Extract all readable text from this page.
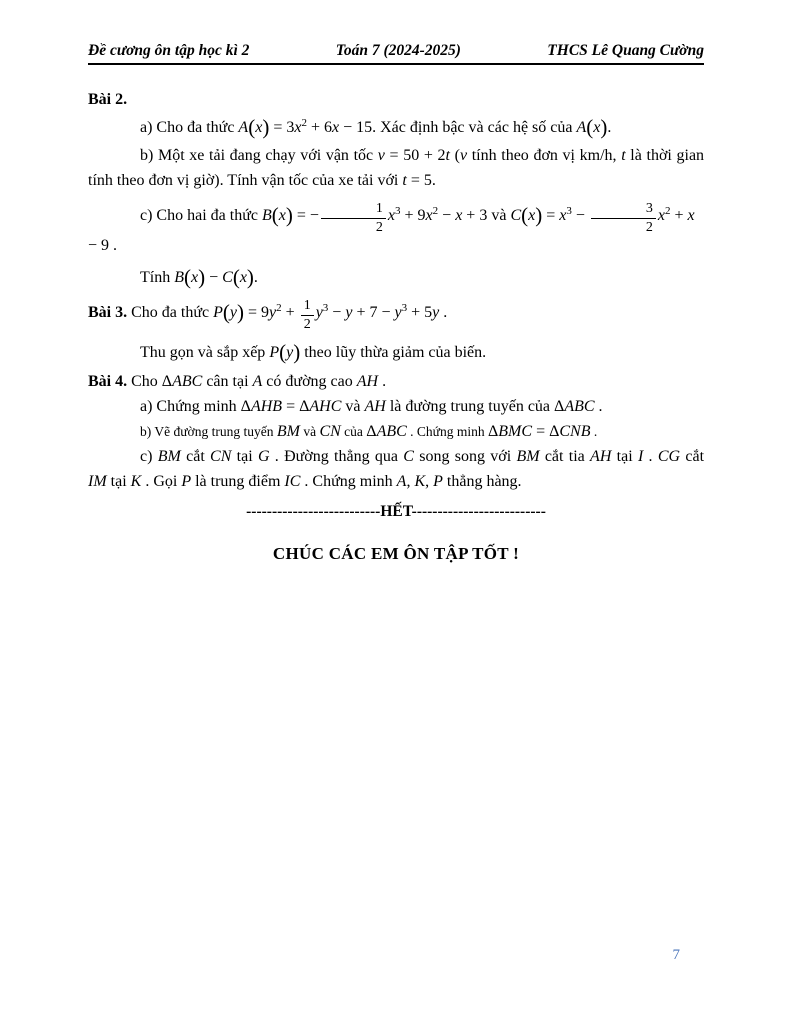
Đề cương ôn tập học kì 2	Toán 7 (2024-2025)	THCS Lê Quang Cường
Bài 2.
a) Cho đa thức $A(x) = 3x^2 + 6x - 15$. Xác định bậc và các hệ số của A(x).
b) Một xe tải đang chạy với vận tốc v = 50 + 2t (v tính theo đơn vị km/h, t là thời gian
tính theo đơn vị giờ). Tính vận tốc của xe tải với t = 5.
c) Cho hai đa thức B(x) = − $\frac{1}{2} x^3 + 9x^2 - x + 3$ và $C(x) = x^3 - \frac{3}{2} x^2 + x - 9$ .
Tính B(x) − C(x).
Bài 3. Cho đa thức $P(y) = 9y^2 + \frac{1}{2} y^3 - y + 7 - y^3 + 5y$ .
Thu gọn và sắp xếp P(y) theo lũy thừa giảm của biến.
Bài 4. Cho ΔABC cân tại A có đường cao AH .
a) Chứng minh ΔAHB = ΔAHC và AH là đường trung tuyến của ΔABC .
b) Vẽ đường trung tuyến BM và CN của ΔABC . Chứng minh ΔBMC = ΔCNB .
c) BM cắt CN tại G . Đường thẳng qua C song song với BM cắt tia AH tại I . CG cắt
IM tại K . Gọi P là trung điểm IC . Chứng minh A, K, P thẳng hàng.
--------------------------HẾT--------------------------
CHÚC CÁC EM ÔN TẬP TỐT !
7
